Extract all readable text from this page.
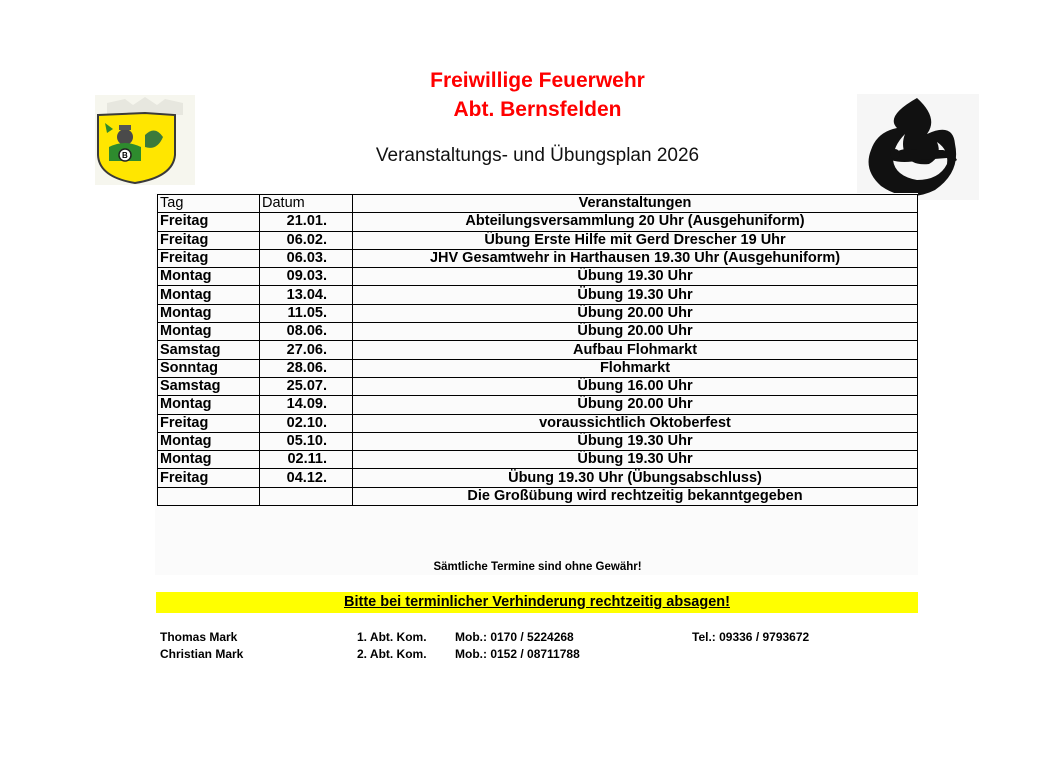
B
Freiwillige Feuerwehr
Abt. Bernsfelden
Veranstaltungs- und Übungsplan 2026
Tag	Datum	Veranstaltungen
Freitag	21.01.	Abteilungsversammlung 20 Uhr (Ausgehuniform)
Freitag	06.02.	Übung Erste Hilfe mit Gerd Drescher 19 Uhr
Freitag	06.03.	JHV Gesamtwehr in Harthausen 19.30 Uhr (Ausgehuniform)
Montag	09.03.	Übung 19.30 Uhr
Montag	13.04.	Übung 19.30 Uhr
Montag	11.05.	Übung 20.00 Uhr
Montag	08.06.	Übung 20.00 Uhr
Samstag	27.06.	Aufbau Flohmarkt
Sonntag	28.06.	Flohmarkt
Samstag	25.07.	Übung 16.00 Uhr
Montag	14.09.	Übung 20.00 Uhr
Freitag	02.10.	voraussichtlich Oktoberfest
Montag	05.10.	Übung 19.30 Uhr
Montag	02.11.	Übung 19.30 Uhr
Freitag	04.12.	Übung 19.30 Uhr (Übungsabschluss)
		Die Großübung wird rechtzeitig bekanntgegeben
Sämtliche Termine sind ohne Gewähr!
Bitte bei terminlicher Verhinderung rechtzeitig absagen!
Thomas Mark	1. Abt. Kom. Mob.: 0170 / 5224268	Tel.: 09336 / 9793672
Christian Mark	2. Abt. Kom. Mob.: 0152 / 08711788
